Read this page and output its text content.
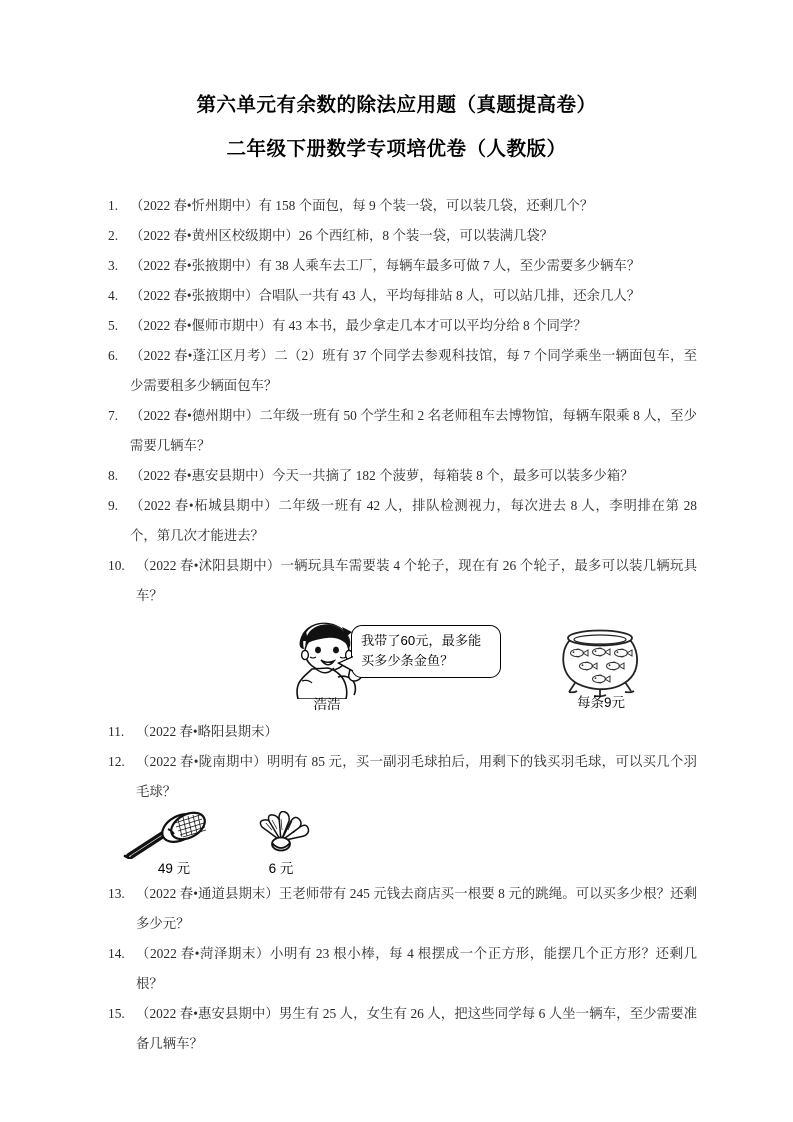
第六单元有余数的除法应用题（真题提高卷）
二年级下册数学专项培优卷（人教版）

1. （2022 春•忻州期中）有 158 个面包，每 9 个装一袋，可以装几袋，还剩几个？

2. （2022 春•黄州区校级期中）26 个西红柿，8 个装一袋，可以装满几袋？

3. （2022 春•张掖期中）有 38 人乘车去工厂，每辆车最多可做 7 人，至少需要多少辆车？

4. （2022 春•张掖期中）合唱队一共有 43 人，平均每排站 8 人，可以站几排，还余几人？

5. （2022 春•偃师市期中）有 43 本书，最少拿走几本才可以平均分给 8 个同学？

6. （2022 春•蓬江区月考）二（2）班有 37 个同学去参观科技馆，每 7 个同学乘坐一辆面包车，至少需要租多少辆面包车？

7. （2022 春•德州期中）二年级一班有 50 个学生和 2 名老师租车去博物馆，每辆车限乘 8 人，至少需要几辆车？

8. （2022 春•惠安县期中）今天一共摘了 182 个菠萝，每箱装 8 个，最多可以装多少箱？

9. （2022 春•柘城县期中）二年级一班有 42 人，排队检测视力，每次进去 8 人，李明排在第 28 个，第几次才能进去？

10. （2022 春•沭阳县期中）一辆玩具车需要装 4 个轮子，现在有 26 个轮子，最多可以装几辆玩具车？

浩浩
我带了60元，最多能
买多少条金鱼？
每条9元

11. （2022 春•略阳县期末）

12. （2022 春•陇南期中）明明有 85 元，买一副羽毛球拍后，用剩下的钱买羽毛球，可以买几个羽毛球？

49 元
	6 元

13. （2022 春•通道县期末）王老师带有 245 元钱去商店买一根要 8 元的跳绳。可以买多少根？还剩多少元？

14. （2022 春•菏泽期末）小明有 23 根小棒，每 4 根摆成一个正方形，能摆几个正方形？还剩几根？

15. （2022 春•惠安县期中）男生有 25 人，女生有 26 人，把这些同学每 6 人坐一辆车，至少需要准备几辆车？
